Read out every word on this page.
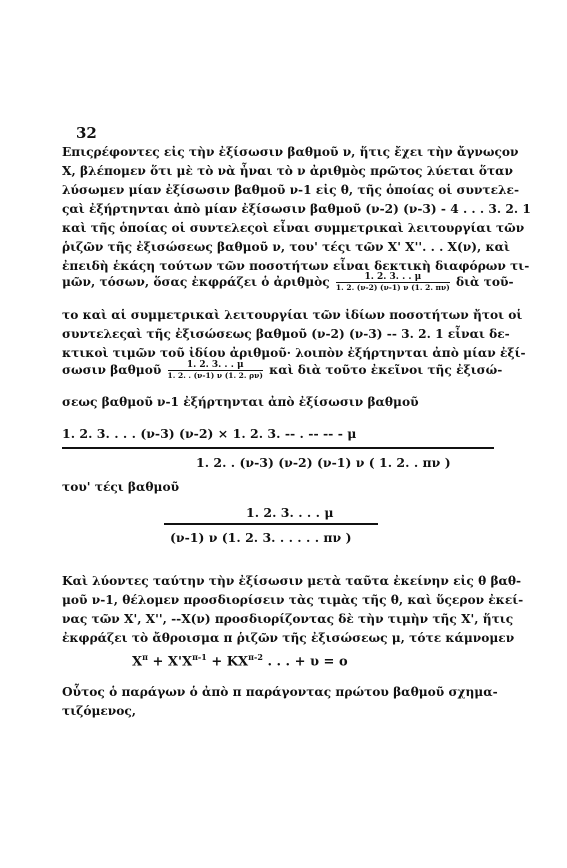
32
Επιςρέφοντες εἰς τὴν ἐξίσωσιν βαθμοῦ ν, ἥτις ἔχει τὴν ἄγνωςον
Χ, βλέπομεν ὅτι μὲ τὸ νὰ ἦναι τὸ ν ἀριθμὸς πρῶτος λύεται ὅταν
λύσωμεν μίαν ἐξίσωσιν βαθμοῦ ν-1 εἰς θ, τῆς ὁποίας οἱ συντελε-
ςαὶ ἐξήρτηνται ἀπὸ μίαν ἐξίσωσιν βαθμοῦ (ν-2) (ν-3) - 4 . . . 3. 2. 1
καὶ τῆς ὁποίας οἱ συντελεςοὶ εἶναι συμμετρικαὶ λειτουργίαι τῶν
ῥιζῶν τῆς ἐξισώσεως βαθμοῦ ν, του' τέςι τῶν Χ' Χ''. . . Χ(ν), καὶ
ἐπειδὴ ἑκάςη τούτων τῶν ποσοτήτων εἶναι δεκτικὴ διαφόρων τι-
μῶν, τόσων, ὅσας ἐκφράζει ὁ ἀριθμὸς $\frac{1. 2. 3. . . \mu}{1. 2. (\nu-2) (\nu-1) \nu (1. 2. \pi\nu)}$ διὰ τοῦ-
το καὶ αἱ συμμετρικαὶ λειτουργίαι τῶν ἰδίων ποσοτήτων ἤτοι οἱ
συντελεςαὶ τῆς ἐξισώσεως βαθμοῦ (ν-2) (ν-3) -- 3. 2. 1 εἶναι δε-
κτικοὶ τιμῶν τοῦ ἰδίου ἀριθμοῦ· λοιπὸν ἐξήρτηνται ἀπὸ μίαν ἐξί-
σωσιν βαθμοῦ $\frac{1. 2. 3. . . \mu}{1. 2. . (\nu-1) \nu (1. 2. \rho\nu)}$ καὶ διὰ τοῦτο ἐκεῖνοι τῆς ἐξισώ-
σεως βαθμοῦ ν-1 ἐξήρτηνται ἀπὸ ἐξίσωσιν βαθμοῦ
1. 2. 3. . . . (ν-3) (ν-2) × 1. 2. 3. -- . -- -- - μ
1. 2. . (ν-3) (ν-2) (ν-1) ν ( 1. 2. . πν )
του' τέςι βαθμοῦ
1. 2. 3. . . . μ
(ν-1) ν (1. 2. 3. . . . . . πν )
Καὶ λύοντες ταύτην τὴν ἐξίσωσιν μετὰ ταῦτα ἐκείνην εἰς θ βαθ-
μοῦ ν-1, θέλομεν προσδιορίσειν τὰς τιμὰς τῆς θ, καὶ ὕςερον ἐκεί-
νας τῶν Χ', Χ'', --Χ(ν) προσδιορίζοντας δὲ τὴν τιμὴν τῆς Χ', ἥτις
ἐκφράζει τὸ ἄθροισμα π ῥιζῶν τῆς ἐξισώσεως μ, τότε κάμνομεν
$X^\pi + X'X^{\pi-1} + KX^{\pi-2}$ . . . + υ = o
Οὗτος ὁ παράγων ὁ ἀπὸ π παράγοντας πρώτου βαθμοῦ σχημα-
τιζόμενος,
